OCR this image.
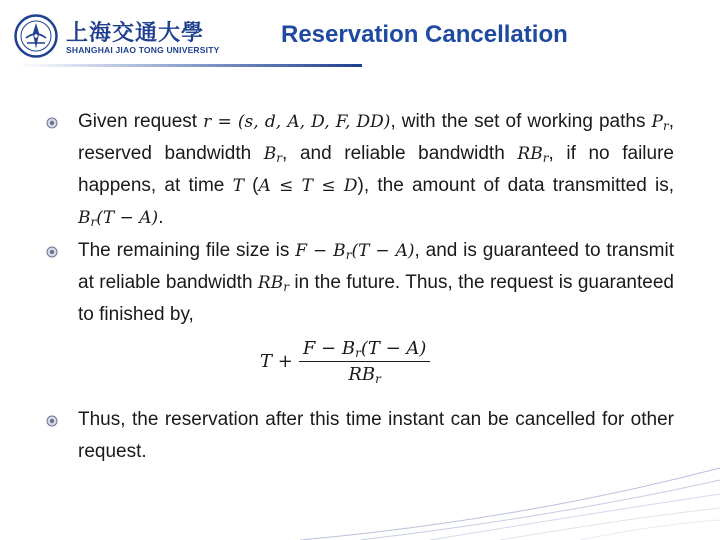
上海交通大學
SHANGHAI JIAO TONG UNIVERSITY
Reservation Cancellation
Given request r = (s, d, A, D, F, DD), with the set of working paths $P_r$, reserved bandwidth $B_r$, and reliable bandwidth $RB_r$, if no failure happens, at time T (A ≤ T ≤ D), the amount of data transmitted is, $B_r(T - A)$.
The remaining file size is $F - B_r(T - A)$, and is guaranteed to transmit at reliable bandwidth $RB_r$ in the future. Thus, the request is guaranteed to finished by,
$T + \frac{F - B_r(T - A)}{RB_r}$
Thus, the reservation after this time instant can be cancelled for other request.
